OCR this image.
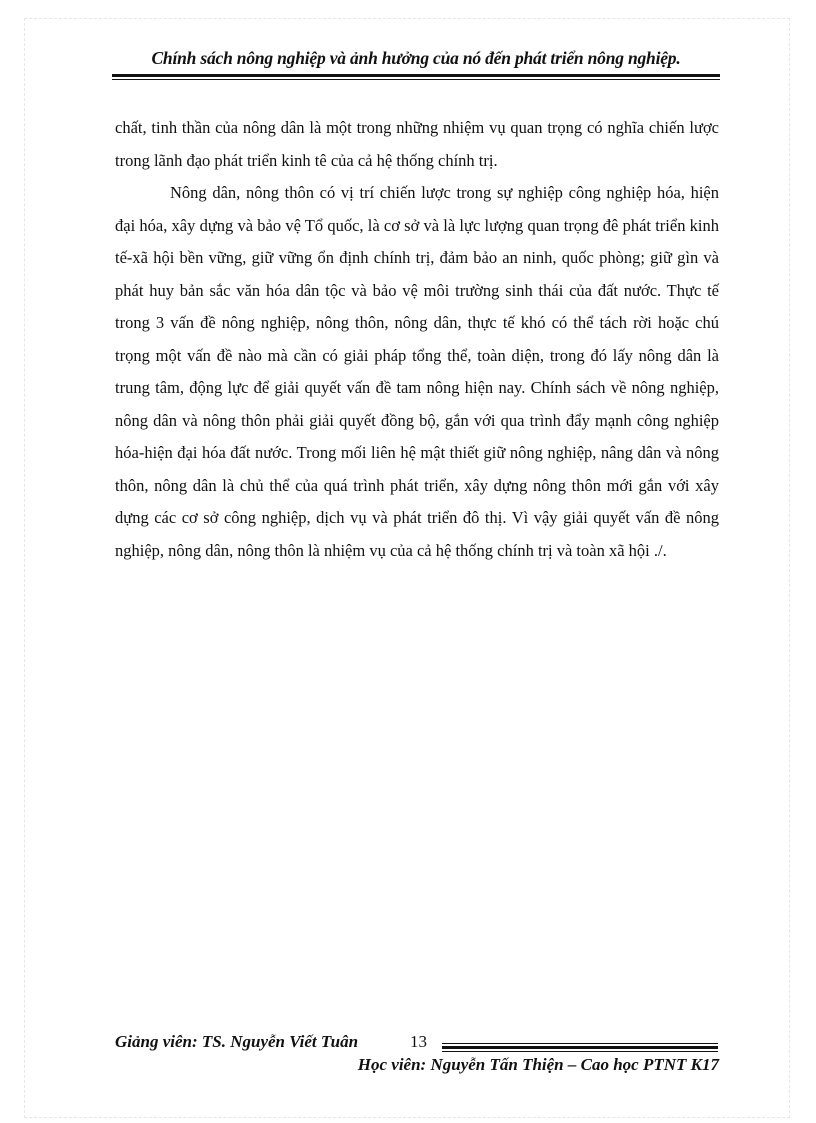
Chính sách nông nghiệp và ảnh hưởng của nó đến phát triển nông nghiệp.

chất, tinh thần của nông dân là một trong những nhiệm vụ quan trọng có nghĩa chiến lược trong lãnh đạo phát triển kinh tê của cả hệ thống chính trị.

Nông dân, nông thôn có vị trí chiến lược trong sự nghiệp công nghiệp hóa, hiện đại hóa, xây dựng và bảo vệ Tổ quốc, là cơ sở và là lực lượng quan trọng đê phát triển kinh tế-xã hội bền vững, giữ vững ổn định chính trị, đảm bảo an ninh, quốc phòng; giữ gìn và phát huy bản sắc văn hóa dân tộc và bảo vệ môi trường sinh thái của đất nước. Thực tế trong 3 vấn đề nông nghiệp, nông thôn, nông dân, thực tế khó có thể tách rời hoặc chú trọng một vấn đề nào mà cần có giải pháp tổng thể, toàn diện, trong đó lấy nông dân là trung tâm, động lực để giải quyết vấn đề tam nông hiện nay. Chính sách về nông nghiệp, nông dân và nông thôn phải giải quyết đồng bộ, gắn với qua trình đẩy mạnh công nghiệp hóa-hiện đại hóa đất nước. Trong mối liên hệ mật thiết giữ nông nghiệp, nâng dân và nông thôn, nông dân là chủ thể của quá trình phát triển, xây dựng nông thôn mới gắn với xây dựng các cơ sở công nghiệp, dịch vụ và phát triển đô thị. Vì vậy giải quyết vấn đề nông nghiệp, nông dân, nông thôn là nhiệm vụ của cả hệ thống chính trị và toàn xã hội ./.

Giảng viên: TS. Nguyễn Viết Tuân	13
Học viên: Nguyễn Tấn Thiện – Cao học PTNT K17
